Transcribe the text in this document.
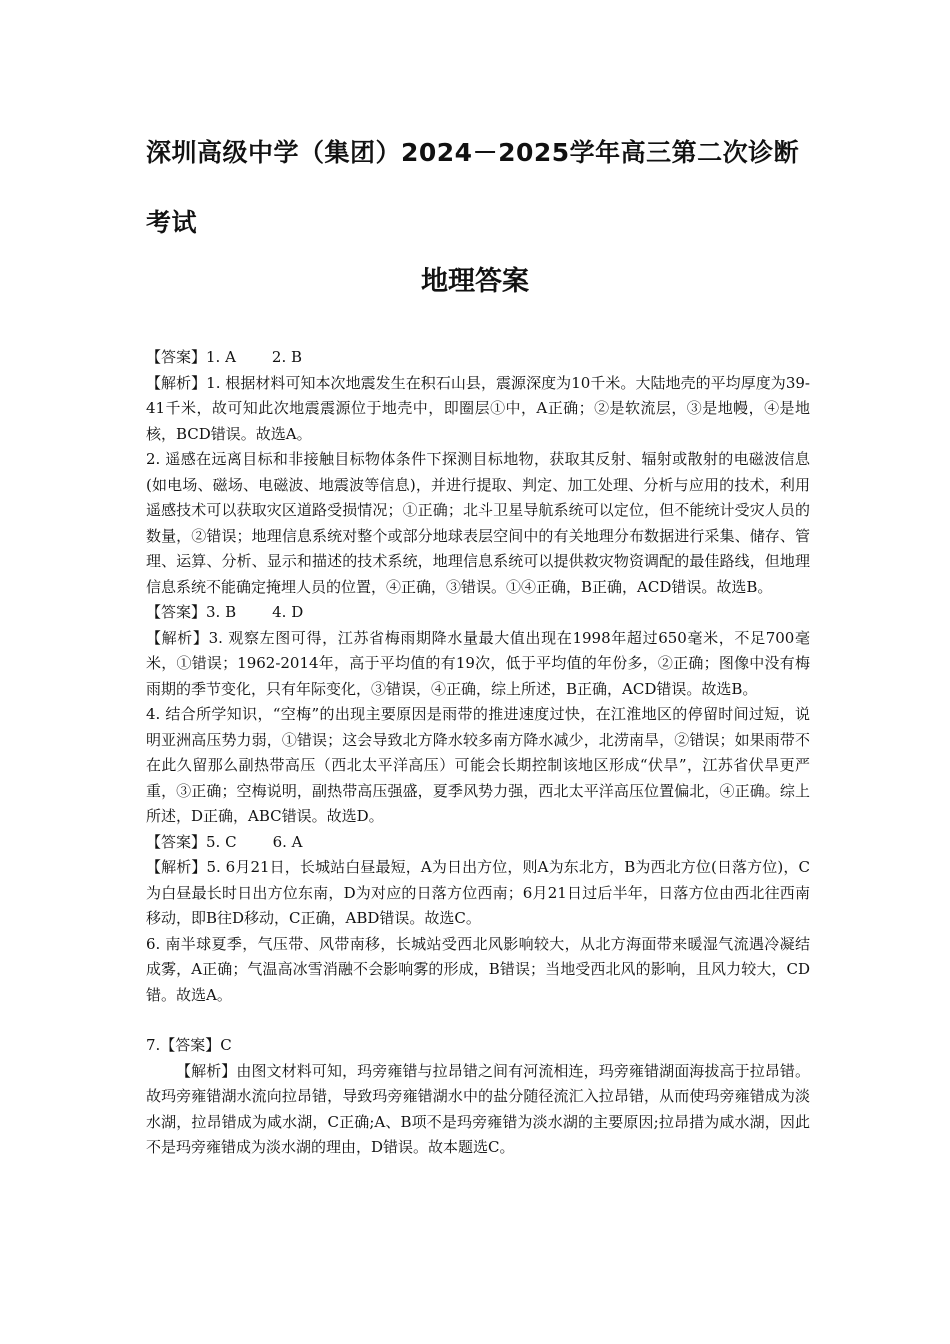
深圳高级中学（集团）2024－2025学年高三第二次诊断考试
地理答案

【答案】1. A 2. B

【解析】1. 根据材料可知本次地震发生在积石山县，震源深度为10千米。大陆地壳的平均厚度为39-41千米，故可知此次地震震源位于地壳中，即圈层①中，A正确；②是软流层，③是地幔，④是地核，BCD错误。故选A。

2. 遥感在远离目标和非接触目标物体条件下探测目标地物，获取其反射、辐射或散射的电磁波信息(如电场、磁场、电磁波、地震波等信息)，并进行提取、判定、加工处理、分析与应用的技术，利用遥感技术可以获取灾区道路受损情况；①正确；北斗卫星导航系统可以定位，但不能统计受灾人员的数量，②错误；地理信息系统对整个或部分地球表层空间中的有关地理分布数据进行采集、储存、管理、运算、分析、显示和描述的技术系统，地理信息系统可以提供救灾物资调配的最佳路线，但地理信息系统不能确定掩埋人员的位置，④正确，③错误。①④正确，B正确，ACD错误。故选B。

【答案】3. B 4. D

【解析】3. 观察左图可得，江苏省梅雨期降水量最大值出现在1998年超过650毫米，不足700毫米，①错误；1962-2014年，高于平均值的有19次，低于平均值的年份多，②正确；图像中没有梅雨期的季节变化，只有年际变化，③错误，④正确，综上所述，B正确，ACD错误。故选B。

4. 结合所学知识，“空梅”的出现主要原因是雨带的推进速度过快，在江淮地区的停留时间过短，说明亚洲高压势力弱，①错误；这会导致北方降水较多南方降水减少，北涝南旱，②错误；如果雨带不在此久留那么副热带高压（西北太平洋高压）可能会长期控制该地区形成“伏旱”，江苏省伏旱更严重，③正确；空梅说明，副热带高压强盛，夏季风势力强，西北太平洋高压位置偏北，④正确。综上所述，D正确，ABC错误。故选D。

【答案】5. C 6. A

【解析】5. 6月21日，长城站白昼最短，A为日出方位，则A为东北方，B为西北方位(日落方位)，C为白昼最长时日出方位东南，D为对应的日落方位西南；6月21日过后半年，日落方位由西北往西南移动，即B往D移动，C正确，ABD错误。故选C。

6. 南半球夏季，气压带、风带南移，长城站受西北风影响较大，从北方海面带来暖湿气流遇冷凝结成雾，A正确；气温高冰雪消融不会影响雾的形成，B错误；当地受西北风的影响，且风力较大，CD错。故选A。

7.【答案】C

【解析】由图文材料可知，玛旁雍错与拉昂错之间有河流相连，玛旁雍错湖面海拔高于拉昂错。故玛旁雍错湖水流向拉昂错，导致玛旁雍错湖水中的盐分随径流汇入拉昂错，从而使玛旁雍错成为淡水湖，拉昂错成为咸水湖，C正确;A、B项不是玛旁雍错为淡水湖的主要原因;拉昂措为咸水湖，因此不是玛旁雍错成为淡水湖的理由，D错误。故本题选C。
